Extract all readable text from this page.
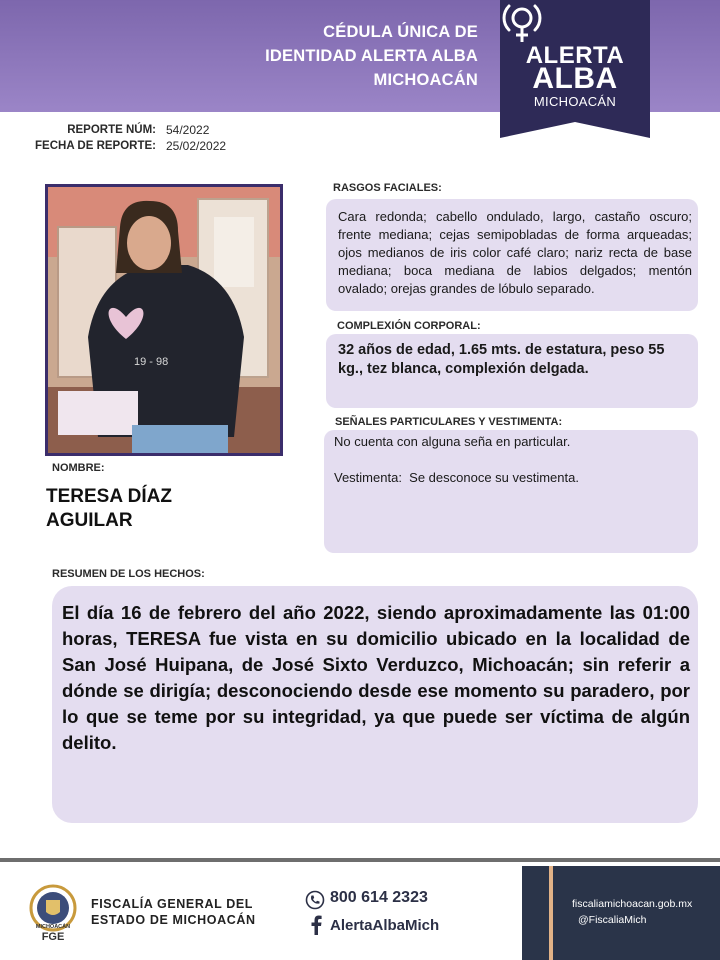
CÉDULA ÚNICA DE
IDENTIDAD ALERTA ALBA
MICHOACÁN
ALERTA
ALBA
MICHOACÁN
REPORTE NÚM: 54/2022
FECHA DE REPORTE: 25/02/2022
19 - 98
NOMBRE:
TERESA DÍAZ
AGUILAR
RASGOS FACIALES:
Cara redonda; cabello ondulado, largo, castaño oscuro; frente mediana; cejas semipobladas de forma arqueadas; ojos medianos de iris color café claro; nariz recta de base mediana; boca mediana de labios delgados; mentón ovalado; orejas grandes de lóbulo separado.
COMPLEXIÓN CORPORAL:
32 años de edad, 1.65 mts. de estatura, peso 55 kg., tez blanca, complexión delgada.
SEÑALES PARTICULARES Y VESTIMENTA:
No cuenta con alguna seña en particular.
Vestimenta:  Se desconoce su vestimenta.
RESUMEN DE LOS HECHOS:
El día 16 de febrero del año 2022, siendo aproximadamente las 01:00 horas, TERESA fue vista en su domicilio ubicado en la localidad de San José Huipana, de José Sixto Verduzco, Michoacán; sin referir a dónde se dirigía; desconociendo desde ese momento su paradero, por lo que se teme por su integridad, ya que puede ser víctima de algún delito.
MICHOACÁN
FGE
FISCALÍA GENERAL DEL
ESTADO DE MICHOACÁN
800 614 2323
AlertaAlbaMich
fiscaliamichoacan.gob.mx
@FiscaliaMich
